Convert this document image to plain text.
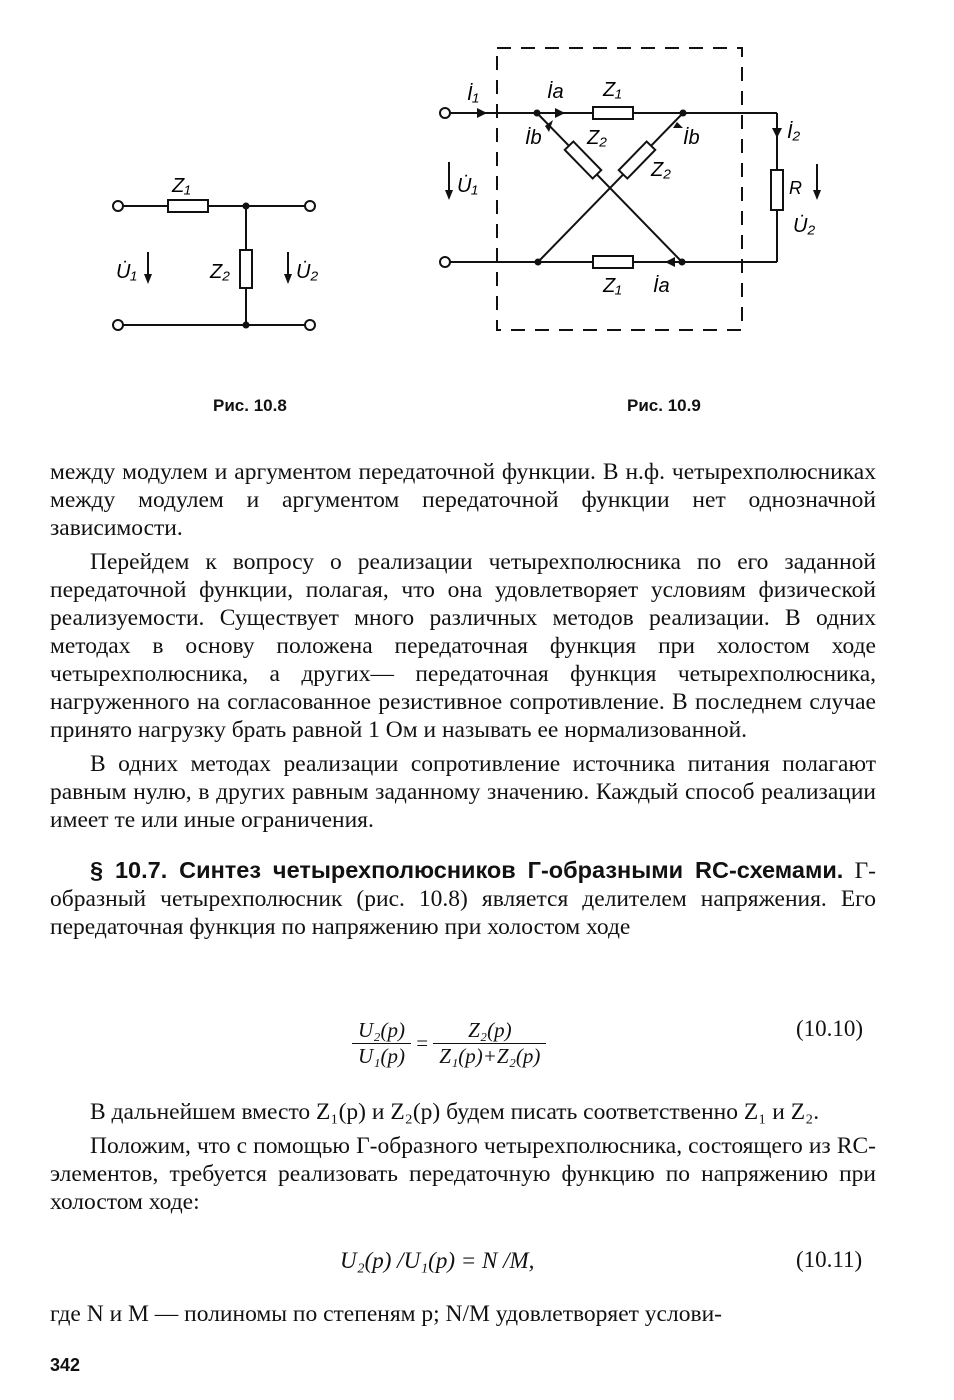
Z₁
Z₂
U̇₁	U̇₂
Рис. 10.8
İ₁	İa Z₁
İb Z₂	İb
Z₂
U̇₁
İ₂
R
U̇₂
Z₁ İa
Рис. 10.9

между модулем и аргументом передаточной функции. В н.ф. четырехполюсниках между модулем и аргументом передаточной функции нет однозначной зависимости.

Перейдем к вопросу о реализации четырехполюсника по его заданной передаточной функции, полагая, что она удовлетворяет условиям физической реализуемости. Существует много различных методов реализации. В одних методах в основу положена передаточная функция при холостом ходе четырехполюсника, а других— передаточная функция четырехполюсника, нагруженного на согласованное резистивное сопротивление. В последнем случае принято нагрузку брать равной 1 Ом и называть ее нормализованной.

В одних методах реализации сопротивление источника питания полагают равным нулю, в других равным заданному значению. Каждый способ реализации имеет те или иные ограничения.

§ 10.7. Синтез четырехполюсников Г-образными RC-схемами. Г-образный четырехполюсник (рис. 10.8) является делителем напряжения. Его передаточная функция по напряжению при холостом ходе

$\frac{\text{U₂(p)}}{\text{U₁(p)}} = \frac{\text{Z₂(p)}}{\text{Z₁(p)+Z₂(p)}}$	(10.10)

В дальнейшем вместо Z₁(p) и Z₂(p) будем писать соответственно Z₁ и Z₂.

Положим, что с помощью Г-образного четырехполюсника, состоящего из RC-элементов, требуется реализовать передаточную функцию по напряжению при холостом ходе:

U₂(p) /U₁(p) = N /M,	(10.11)

где N и M — полиномы по степеням p; N/M удовлетворяет услови-

342
